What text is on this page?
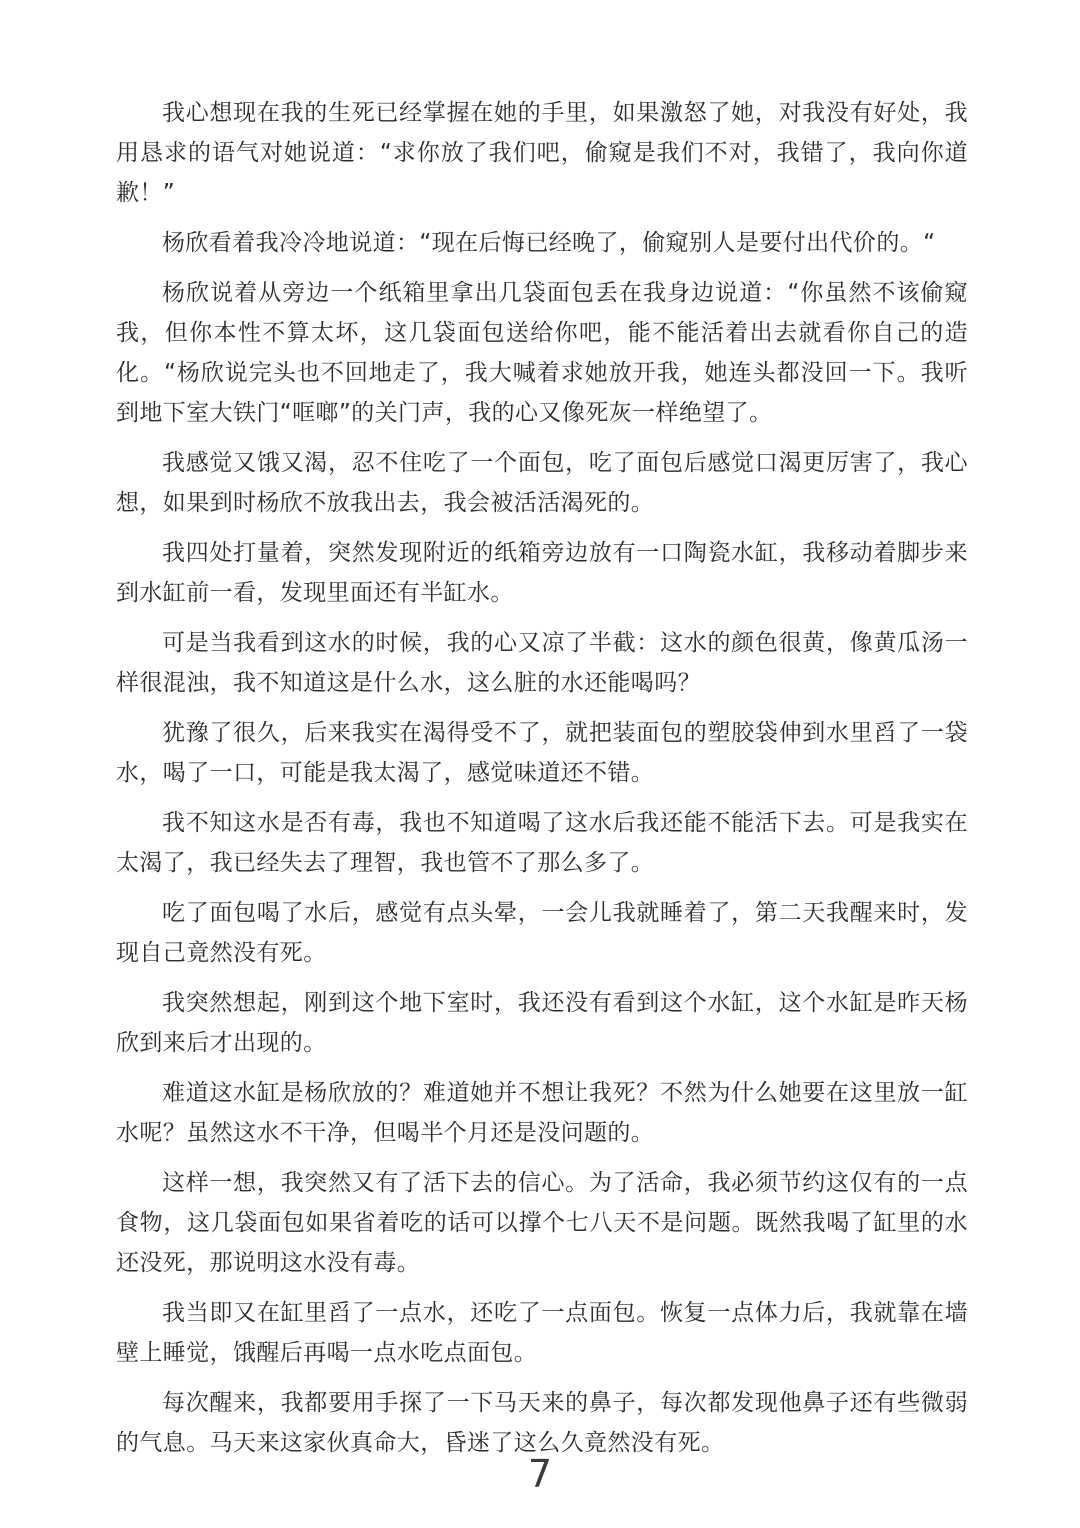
我心想现在我的生死已经掌握在她的手里，如果激怒了她，对我没有好处，我用恳求的语气对她说道：“求你放了我们吧，偷窥是我们不对，我错了，我向你道歉！”

杨欣看着我冷冷地说道：“现在后悔已经晚了，偷窥别人是要付出代价的。“

杨欣说着从旁边一个纸箱里拿出几袋面包丢在我身边说道：“你虽然不该偷窥我，但你本性不算太坏，这几袋面包送给你吧，能不能活着出去就看你自己的造化。“杨欣说完头也不回地走了，我大喊着求她放开我，她连头都没回一下。我听到地下室大铁门“哐啷”的关门声，我的心又像死灰一样绝望了。

我感觉又饿又渴，忍不住吃了一个面包，吃了面包后感觉口渴更厉害了，我心想，如果到时杨欣不放我出去，我会被活活渴死的。

我四处打量着，突然发现附近的纸箱旁边放有一口陶瓷水缸，我移动着脚步来到水缸前一看，发现里面还有半缸水。

可是当我看到这水的时候，我的心又凉了半截：这水的颜色很黄，像黄瓜汤一样很混浊，我不知道这是什么水，这么脏的水还能喝吗？

犹豫了很久，后来我实在渴得受不了，就把装面包的塑胶袋伸到水里舀了一袋水，喝了一口，可能是我太渴了，感觉味道还不错。

我不知这水是否有毒，我也不知道喝了这水后我还能不能活下去。可是我实在太渴了，我已经失去了理智，我也管不了那么多了。

吃了面包喝了水后，感觉有点头晕，一会儿我就睡着了，第二天我醒来时，发现自己竟然没有死。

我突然想起，刚到这个地下室时，我还没有看到这个水缸，这个水缸是昨天杨欣到来后才出现的。

难道这水缸是杨欣放的？难道她并不想让我死？不然为什么她要在这里放一缸水呢？虽然这水不干净，但喝半个月还是没问题的。

这样一想，我突然又有了活下去的信心。为了活命，我必须节约这仅有的一点食物，这几袋面包如果省着吃的话可以撑个七八天不是问题。既然我喝了缸里的水还没死，那说明这水没有毒。

我当即又在缸里舀了一点水，还吃了一点面包。恢复一点体力后，我就靠在墙壁上睡觉，饿醒后再喝一点水吃点面包。

每次醒来，我都要用手探了一下马天来的鼻子，每次都发现他鼻子还有些微弱的气息。马天来这家伙真命大，昏迷了这么久竟然没有死。

7
